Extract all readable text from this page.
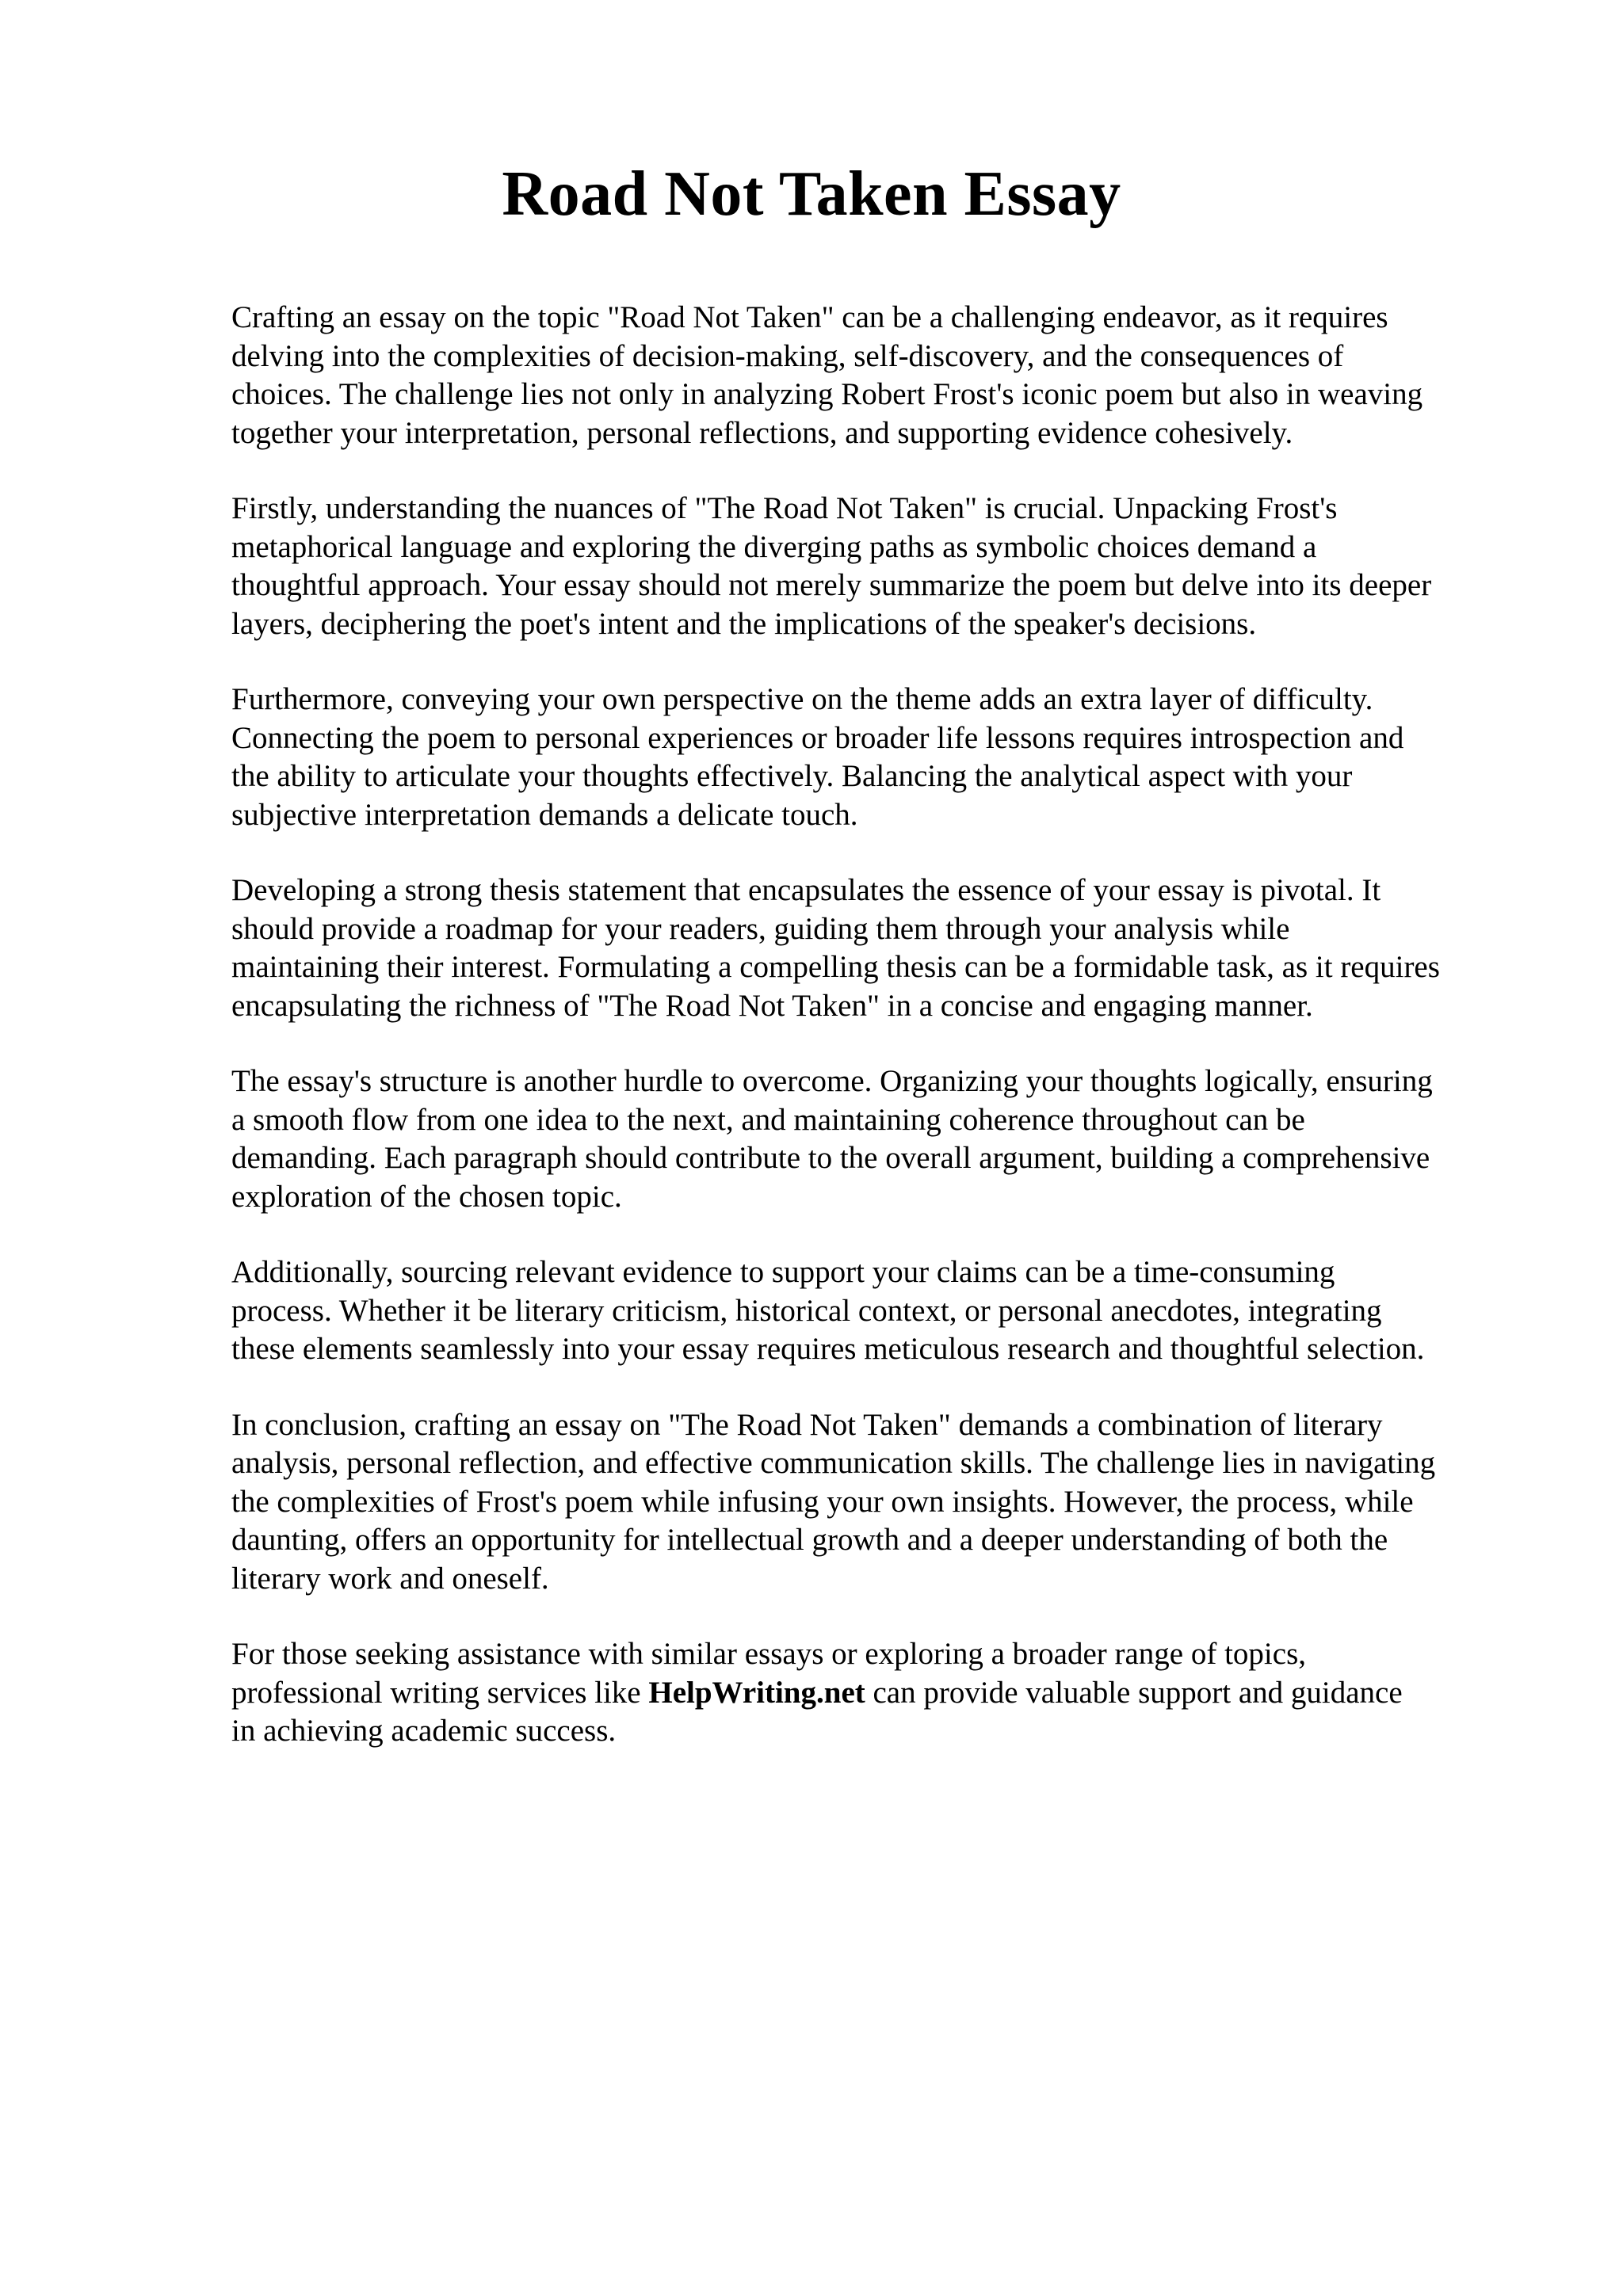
Road Not Taken Essay

Crafting an essay on the topic "Road Not Taken" can be a challenging endeavor, as it requires
delving into the complexities of decision-making, self-discovery, and the consequences of
choices. The challenge lies not only in analyzing Robert Frost's iconic poem but also in weaving
together your interpretation, personal reflections, and supporting evidence cohesively.

Firstly, understanding the nuances of "The Road Not Taken" is crucial. Unpacking Frost's
metaphorical language and exploring the diverging paths as symbolic choices demand a
thoughtful approach. Your essay should not merely summarize the poem but delve into its deeper
layers, deciphering the poet's intent and the implications of the speaker's decisions.

Furthermore, conveying your own perspective on the theme adds an extra layer of difficulty.
Connecting the poem to personal experiences or broader life lessons requires introspection and
the ability to articulate your thoughts effectively. Balancing the analytical aspect with your
subjective interpretation demands a delicate touch.

Developing a strong thesis statement that encapsulates the essence of your essay is pivotal. It
should provide a roadmap for your readers, guiding them through your analysis while
maintaining their interest. Formulating a compelling thesis can be a formidable task, as it requires
encapsulating the richness of "The Road Not Taken" in a concise and engaging manner.

The essay's structure is another hurdle to overcome. Organizing your thoughts logically, ensuring
a smooth flow from one idea to the next, and maintaining coherence throughout can be
demanding. Each paragraph should contribute to the overall argument, building a comprehensive
exploration of the chosen topic.

Additionally, sourcing relevant evidence to support your claims can be a time-consuming
process. Whether it be literary criticism, historical context, or personal anecdotes, integrating
these elements seamlessly into your essay requires meticulous research and thoughtful selection.

In conclusion, crafting an essay on "The Road Not Taken" demands a combination of literary
analysis, personal reflection, and effective communication skills. The challenge lies in navigating
the complexities of Frost's poem while infusing your own insights. However, the process, while
daunting, offers an opportunity for intellectual growth and a deeper understanding of both the
literary work and oneself.

For those seeking assistance with similar essays or exploring a broader range of topics,
professional writing services like HelpWriting.net can provide valuable support and guidance
in achieving academic success.
